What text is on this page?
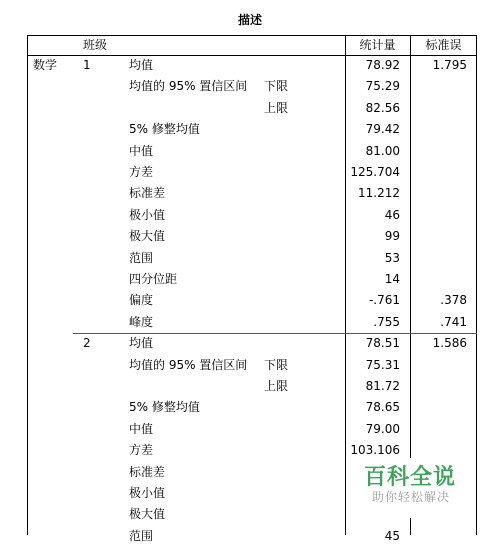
描述
班级	统计量	标准误
数学 1	均值	78.92	1.795
均值的 95% 置信区间 下限	75.29
上限	82.56
5% 修整均值	79.42
中值	81.00
方差	125.704
标准差	11.212
极小值	46
极大值	99
范围	53
四分位距	14
偏度	-.761	.378
峰度	.755	.741
2	均值	78.51	1.586
均值的 95% 置信区间 下限	75.31
上限	81.72
5% 修整均值	78.65
中值	79.00
方差	103.106
标准差
极小值
极大值
范围	45
百科全说
助你轻松解决
